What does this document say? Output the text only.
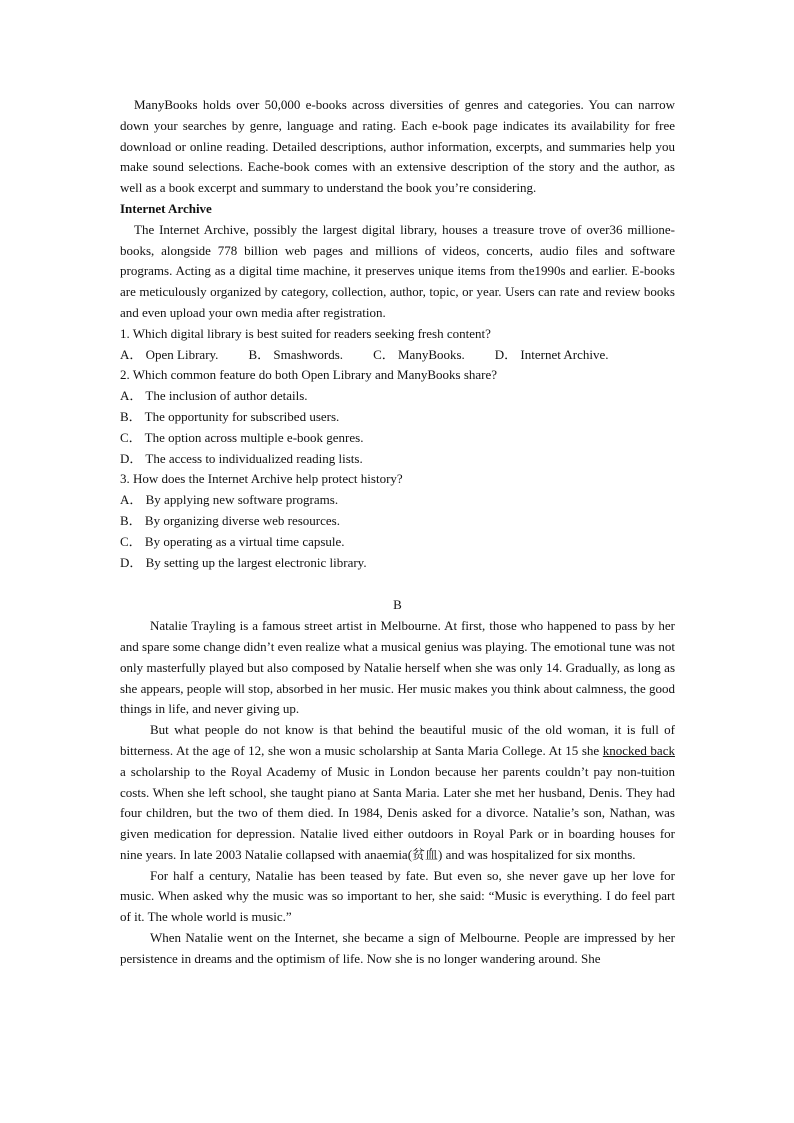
ManyBooks holds over 50,000 e-books across diversities of genres and categories. You can narrow down your searches by genre, language and rating. Each e-book page indicates its availability for free download or online reading. Detailed descriptions, author information, excerpts, and summaries help you make sound selections. Eache-book comes with an extensive description of the story and the author, as well as a book excerpt and summary to understand the book you’re considering.

Internet Archive

The Internet Archive, possibly the largest digital library, houses a treasure trove of over36 millione-books, alongside 778 billion web pages and millions of videos, concerts, audio files and software programs. Acting as a digital time machine, it preserves unique items from the1990s and earlier. E-books are meticulously organized by category, collection, author, topic, or year. Users can rate and review books and even upload your own media after registration.

1. Which digital library is best suited for readers seeking fresh content?

A． Open Library. B． Smashwords. C． ManyBooks. D． Internet Archive.

2. Which common feature do both Open Library and ManyBooks share?

A． The inclusion of author details.

B． The opportunity for subscribed users.

C． The option across multiple e-book genres.

D． The access to individualized reading lists.

3. How does the Internet Archive help protect history?

A． By applying new software programs.

B． By organizing diverse web resources.

C． By operating as a virtual time capsule.

D． By setting up the largest electronic library.

B

Natalie Trayling is a famous street artist in Melbourne. At first, those who happened to pass by her and spare some change didn’t even realize what a musical genius was playing. The emotional tune was not only masterfully played but also composed by Natalie herself when she was only 14. Gradually, as long as she appears, people will stop, absorbed in her music. Her music makes you think about calmness, the good things in life, and never giving up.

But what people do not know is that behind the beautiful music of the old woman, it is full of bitterness. At the age of 12, she won a music scholarship at Santa Maria College. At 15 she knocked back a scholarship to the Royal Academy of Music in London because her parents couldn’t pay non-tuition costs. When she left school, she taught piano at Santa Maria. Later she met her husband, Denis. They had four children, but the two of them died. In 1984, Denis asked for a divorce. Natalie’s son, Nathan, was given medication for depression. Natalie lived either outdoors in Royal Park or in boarding houses for nine years. In late 2003 Natalie collapsed with anaemia(贫血) and was hospitalized for six months.

For half a century, Natalie has been teased by fate. But even so, she never gave up her love for music. When asked why the music was so important to her, she said: “Music is everything. I do feel part of it. The whole world is music.”

When Natalie went on the Internet, she became a sign of Melbourne. People are impressed by her persistence in dreams and the optimism of life. Now she is no longer wandering around. She
